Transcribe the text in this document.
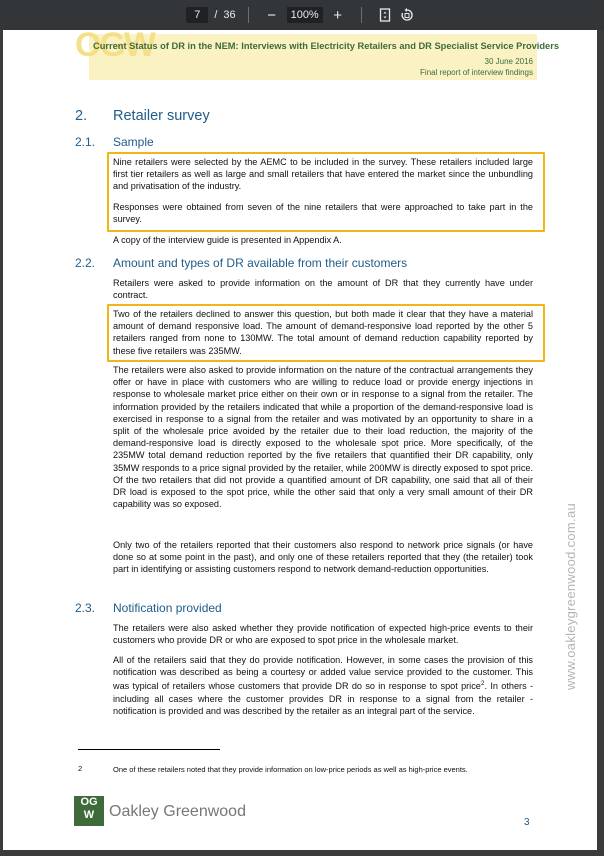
7	/ 36	−	100% +
OGW
Current Status of DR in the NEM: Interviews with Electricity Retailers and DR Specialist Service Providers
30 June 2016
Final report of interview findings
2. Retailer survey
2.1. Sample
Nine retailers were selected by the AEMC to be included in the survey. These retailers included large first tier retailers as well as large and small retailers that have entered the market since the unbundling and privatisation of the industry.
Responses were obtained from seven of the nine retailers that were approached to take part in the survey.
A copy of the interview guide is presented in Appendix A.
2.2. Amount and types of DR available from their customers
Retailers were asked to provide information on the amount of DR that they currently have under contract.
Two of the retailers declined to answer this question, but both made it clear that they have a material amount of demand responsive load. The amount of demand-responsive load reported by the other 5 retailers ranged from none to 130MW. The total amount of demand reduction capability reported by these five retailers was 235MW.
The retailers were also asked to provide information on the nature of the contractual arrangements they offer or have in place with customers who are willing to reduce load or provide energy injections in response to wholesale market price either on their own or in response to a signal from the retailer. The information provided by the retailers indicated that while a proportion of the demand-responsive load is exercised in response to a signal from the retailer and was motivated by an opportunity to share in a split of the wholesale price avoided by the retailer due to their load reduction, the majority of the demand-responsive load is directly exposed to the wholesale spot price. More specifically, of the 235MW total demand reduction reported by the five retailers that quantified their DR capability, only 35MW responds to a price signal provided by the retailer, while 200MW is directly exposed to spot price. Of the two retailers that did not provide a quantified amount of DR capability, one said that all of their DR load is exposed to the spot price, while the other said that only a very small amount of their DR capability was so exposed.
Only two of the retailers reported that their customers also respond to network price signals (or have done so at some point in the past), and only one of these retailers reported that they (the retailer) took part in identifying or assisting customers respond to network demand-reduction opportunities.
2.3. Notification provided
The retailers were also asked whether they provide notification of expected high-price events to their customers who provide DR or who are exposed to spot price in the wholesale market.
All of the retailers said that they do provide notification. However, in some cases the provision of this notification was described as being a courtesy or added value service provided to the customer. This was typical of retailers whose customers that provide DR do so in response to spot price$^2$. In others - including all cases where the customer provides DR in response to a signal from the retailer - notification is provided and was described by the retailer as an integral part of the service.
2	One of these retailers noted that they provide information on low-price periods as well as high-price events.
OG W Oakley Greenwood
3
www.oakleygreenwood.com.au
